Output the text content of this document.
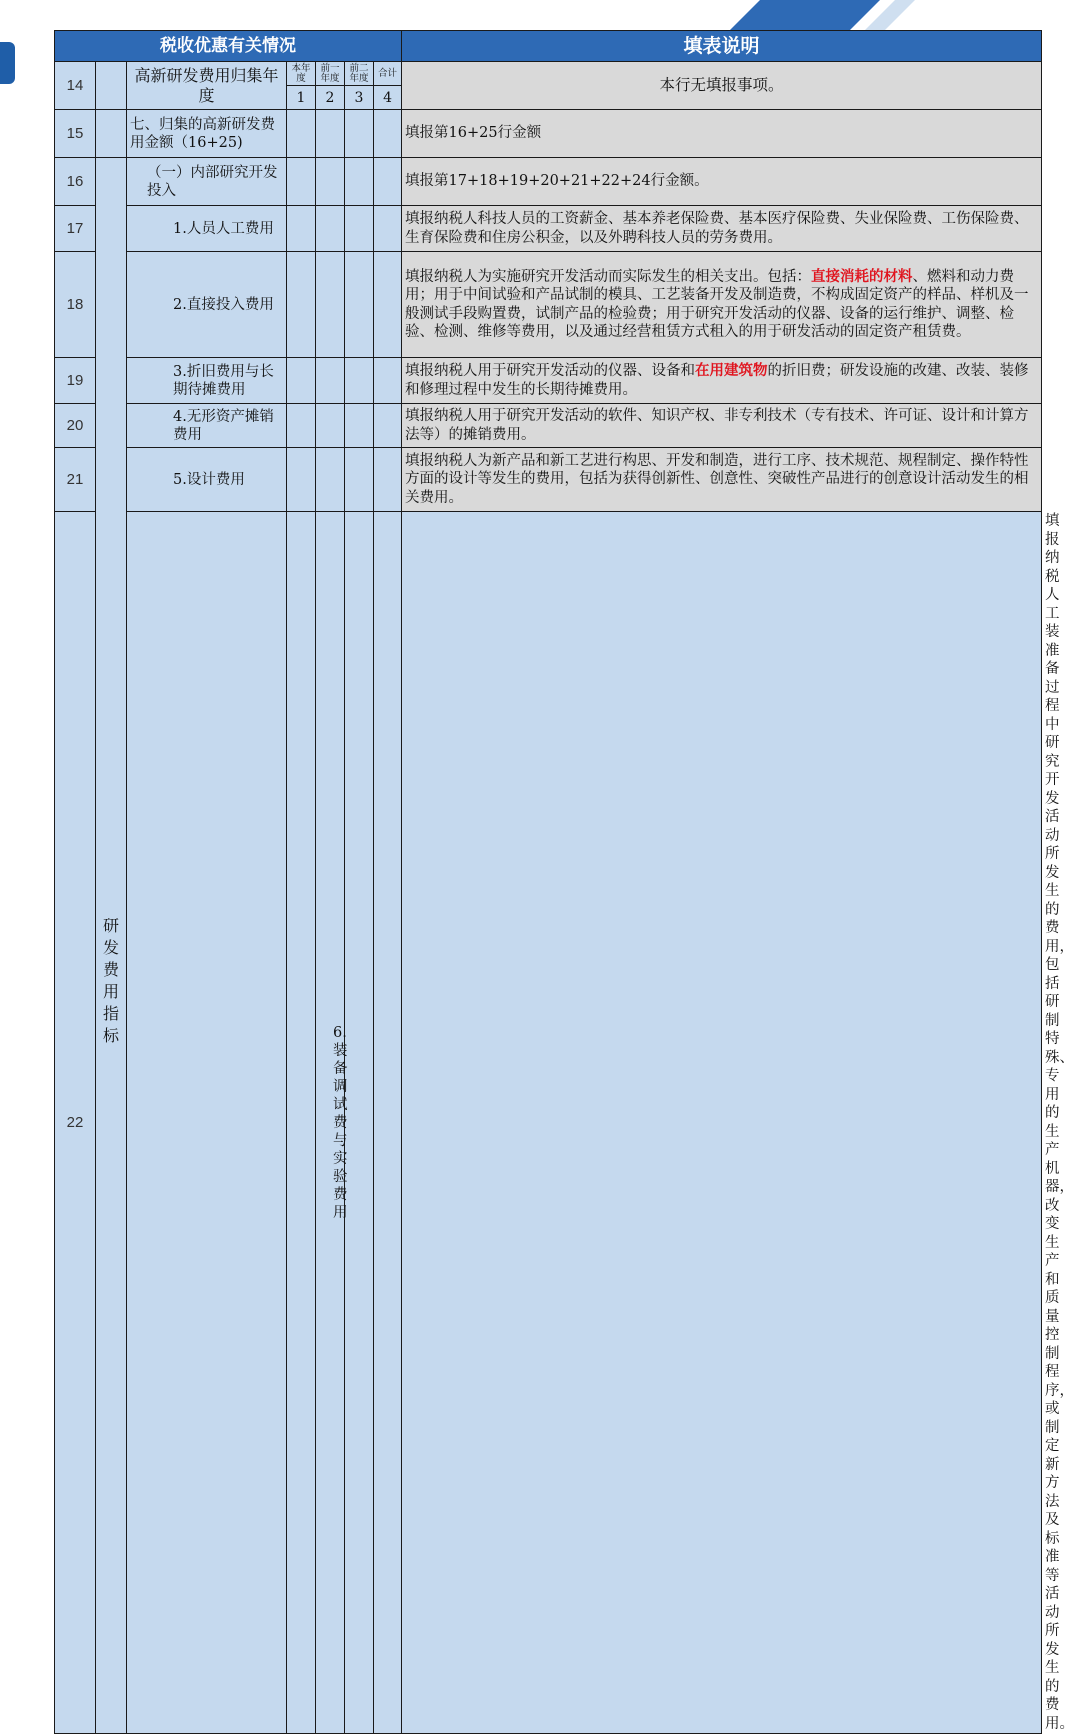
税收优惠有关情况							填表说明	
14		高新研发费用归集年度	本年度	前一年度	前二年度	合计	本行无填报事项。	
			1	2	3	4		
15		七、归集的高新研发费用金额（16+25)					填报第16+25行金额	
16	研发费用指标	（一）内部研究开发投入					填报第17+18+19+20+21+22+24行金额。	
17		1.人员人工费用					填报纳税人科技人员的工资薪金、基本养老保险费、基本医疗保险费、失业保险费、工伤保险费、生育保险费和住房公积金，以及外聘科技人员的劳务费用。	
18		2.直接投入费用					填报纳税人为实施研究开发活动而实际发生的相关支出。包括：直接消耗的材料、燃料和动力费用；用于中间试验和产品试制的模具、工艺装备开发及制造费，不构成固定资产的样品、样机及一般测试手段购置费，试制产品的检验费；用于研究开发活动的仪器、设备的运行维护、调整、检验、检测、维修等费用，以及通过经营租赁方式租入的用于研发活动的固定资产租赁费。	
19		3.折旧费用与长期待摊费用					填报纳税人用于研究开发活动的仪器、设备和在用建筑物的折旧费；研发设施的改建、改装、装修和修理过程中发生的长期待摊费用。	
20		4.无形资产摊销费用					填报纳税人用于研究开发活动的软件、知识产权、非专利技术（专有技术、许可证、设计和计算方法等）的摊销费用。	
21		5.设计费用					填报纳税人为新产品和新工艺进行构思、开发和制造，进行工序、技术规范、规程制定、操作特性方面的设计等发生的费用，包括为获得创新性、创意性、突破性产品进行的创意设计活动发生的相关费用。	
22			6.装备调试费与实验费用					填报纳税人工装准备过程中研究开发活动所发生的费用，包括研制特殊、专用的生产机器，改变生产和质量控制程序，或制定新方法及标准等活动所发生的费用。
